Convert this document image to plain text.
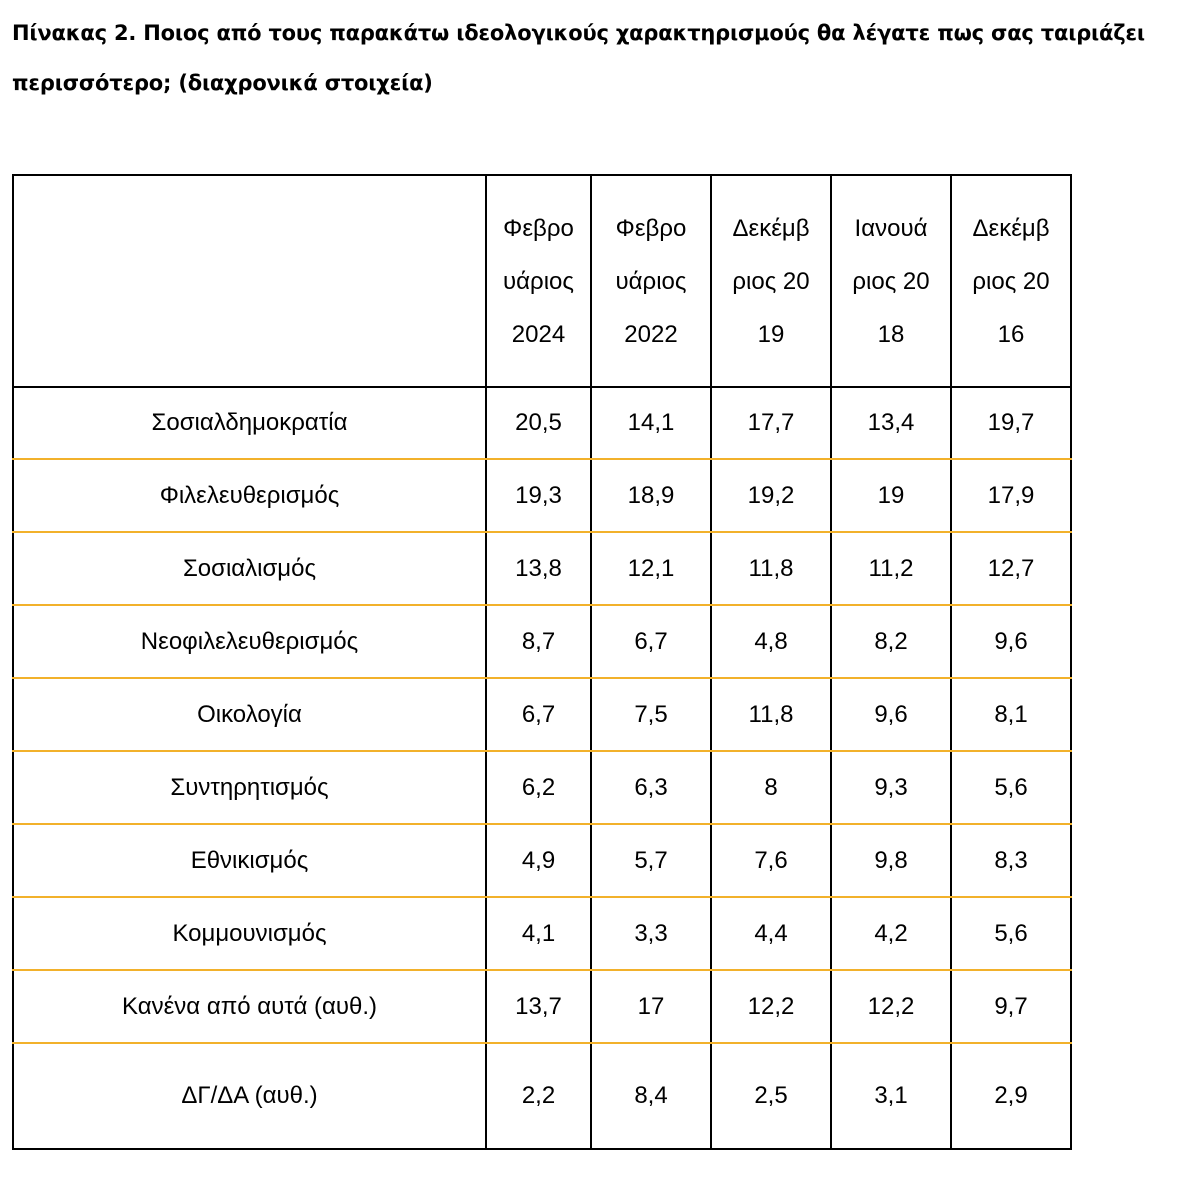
Πίνακας 2. Ποιος από τους παρακάτω ιδεολογικούς χαρακτηρισμούς θα λέγατε πως σας ταιριάζει περισσότερο; (διαχρονικά στοιχεία)

	Φεβρουάριος 2024	Φεβρουάριος 2022	Δεκέμβριος 2019	Ιανουάριος 2018	Δεκέμβριος 2016

Σοσιαλδημοκρατία	20,5	14,1	17,7	13,4	19,7
Φιλελευθερισμός	19,3	18,9	19,2	19	17,9
Σοσιαλισμός	13,8	12,1	11,8	11,2	12,7
Νεοφιλελευθερισμός	8,7	6,7	4,8	8,2	9,6
Οικολογία	6,7	7,5	11,8	9,6	8,1
Συντηρητισμός	6,2	6,3	8	9,3	5,6
Εθνικισμός	4,9	5,7	7,6	9,8	8,3
Κομμουνισμός	4,1	3,3	4,4	4,2	5,6
Κανένα από αυτά (αυθ.)	13,7	17	12,2	12,2	9,7
ΔΓ/ΔΑ (αυθ.)	2,2	8,4	2,5	3,1	2,9
